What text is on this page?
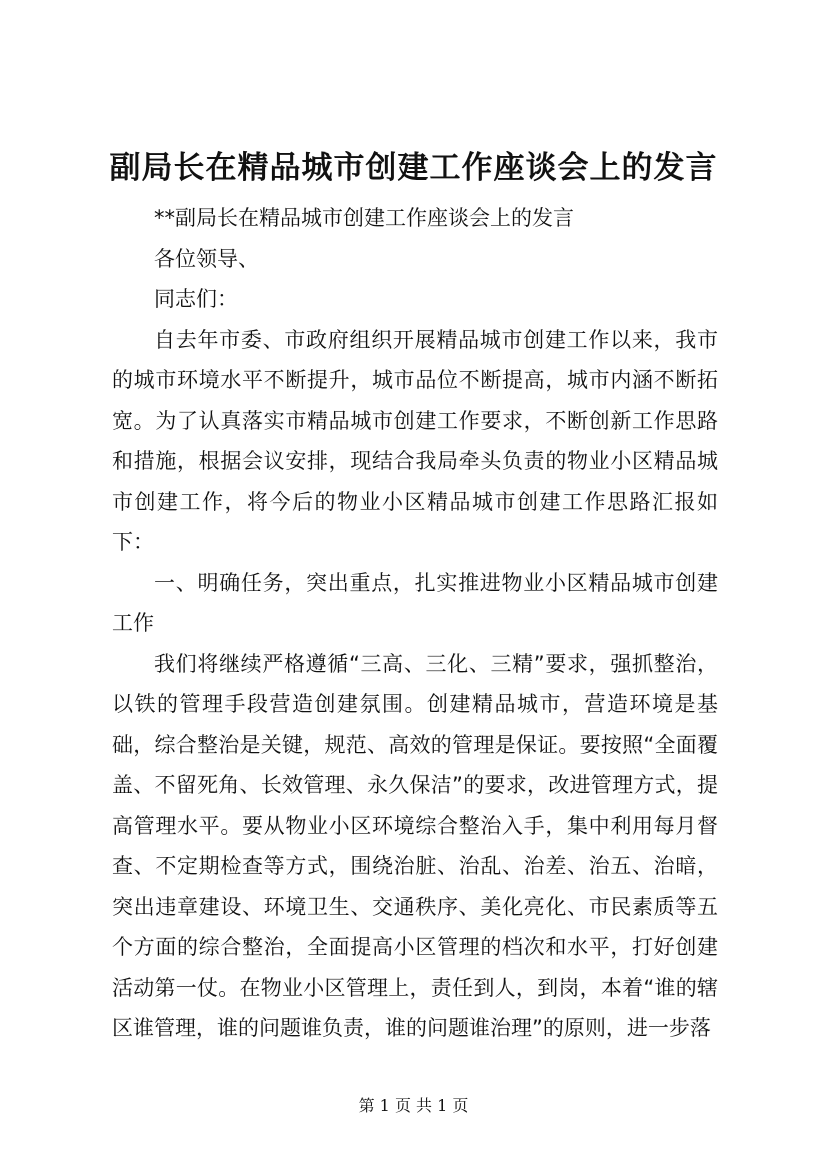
副局长在精品城市创建工作座谈会上的发言

**副局长在精品城市创建工作座谈会上的发言

各位领导、

同志们：

自去年市委、市政府组织开展精品城市创建工作以来，我市的城市环境水平不断提升，城市品位不断提高，城市内涵不断拓宽。为了认真落实市精品城市创建工作要求，不断创新工作思路和措施，根据会议安排，现结合我局牵头负责的物业小区精品城市创建工作，将今后的物业小区精品城市创建工作思路汇报如下：

一、明确任务，突出重点，扎实推进物业小区精品城市创建工作

我们将继续严格遵循“三高、三化、三精”要求，强抓整治，以铁的管理手段营造创建氛围。创建精品城市，营造环境是基础，综合整治是关键，规范、高效的管理是保证。要按照“全面覆盖、不留死角、长效管理、永久保洁”的要求，改进管理方式，提高管理水平。要从物业小区环境综合整治入手，集中利用每月督查、不定期检查等方式，围绕治脏、治乱、治差、治五、治暗，突出违章建设、环境卫生、交通秩序、美化亮化、市民素质等五个方面的综合整治，全面提高小区管理的档次和水平，打好创建活动第一仗。在物业小区管理上，责任到人，到岗，本着“谁的辖区谁管理，谁的问题谁负责，谁的问题谁治理”的原则，进一步落

第 1 页 共 1 页
